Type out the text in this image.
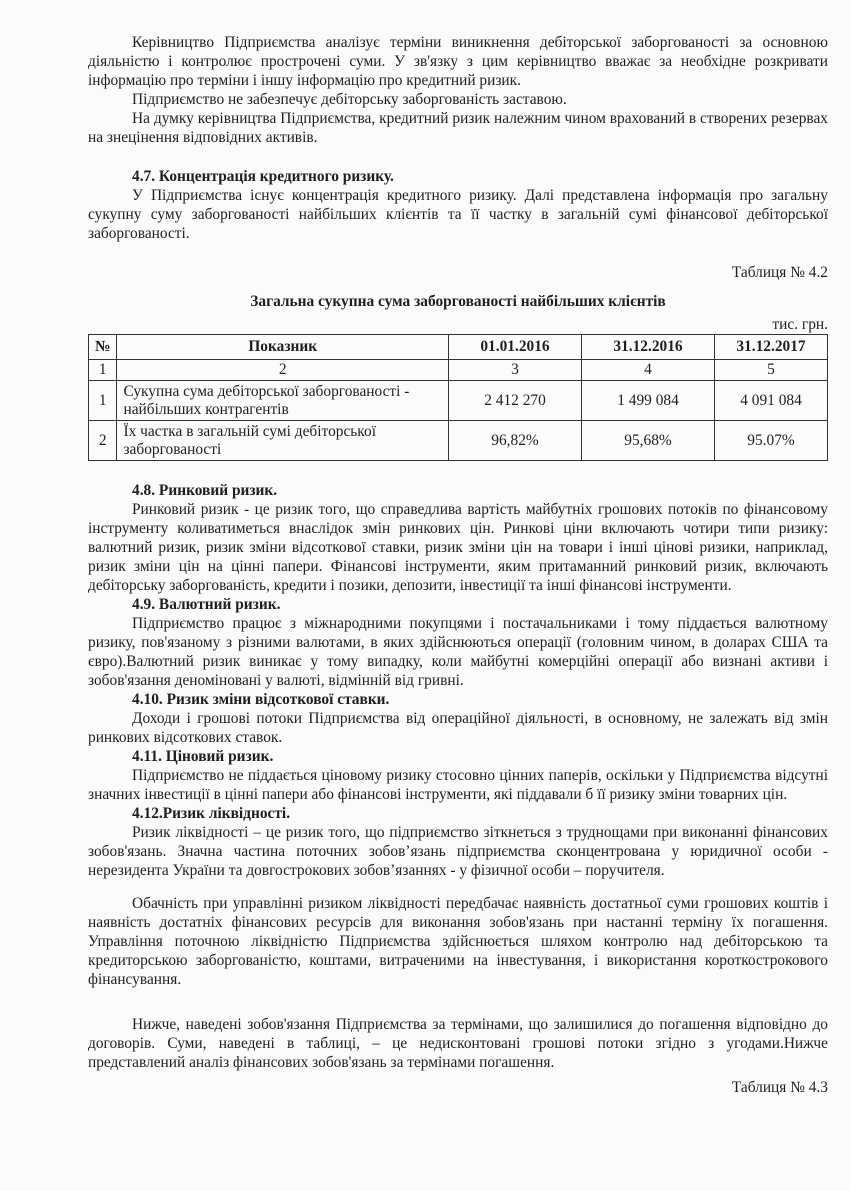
Керівництво Підприємства аналізує терміни виникнення дебіторської заборгованості за основною діяльністю і контролює прострочені суми. У зв'язку з цим керівництво вважає за необхідне розкривати інформацію про терміни і іншу інформацію про кредитний ризик.

Підприємство не забезпечує дебіторську заборгованість заставою.

На думку керівництва Підприємства, кредитний ризик належним чином врахований в створених резервах на знецінення відповідних активів.

4.7. Концентрація кредитного ризику.

У Підприємства існує концентрація кредитного ризику. Далі представлена інформація про загальну сукупну суму заборгованості найбільших клієнтів та її частку в загальній сумі фінансової дебіторської заборгованості.

Таблиця № 4.2

Загальна сукупна сума заборгованості найбільших клієнтів

тис. грн.

№	Показник	01.01.2016	31.12.2016	31.12.2017
1	2	3	4	5
1	Сукупна сума дебіторської заборгованості - найбільших контрагентів	2 412 270	1 499 084	4 091 084
2	Їх частка в загальній сумі дебіторської заборгованості	96,82%	95,68%	95.07%

4.8. Ринковий ризик.

Ринковий ризик - це ризик того, що справедлива вартість майбутніх грошових потоків по фінансовому інструменту коливатиметься внаслідок змін ринкових цін. Ринкові ціни включають чотири типи ризику: валютний ризик, ризик зміни відсоткової ставки, ризик зміни цін на товари і інші цінові ризики, наприклад, ризик зміни цін на цінні папери. Фінансові інструменти, яким притаманний ринковий ризик, включають дебіторську заборгованість, кредити і позики, депозити, інвестиції та інші фінансові інструменти.

4.9. Валютний ризик.

Підприємство працює з міжнародними покупцями і постачальниками і тому піддається валютному ризику, пов'язаному з різними валютами, в яких здійснюються операції (головним чином, в доларах США та євро).Валютний ризик виникає у тому випадку, коли майбутні комерційні операції або визнані активи і зобов'язання деноміновані у валюті, відмінній від гривні.

4.10. Ризик зміни відсоткової ставки.

Доходи і грошові потоки Підприємства від операційної діяльності, в основному, не залежать від змін ринкових відсоткових ставок.

4.11. Ціновий ризик.

Підприємство не піддається ціновому ризику стосовно цінних паперів, оскільки у Підприємства відсутні значних інвестиції в цінні папери або фінансові інструменти, які піддавали б її ризику зміни товарних цін.

4.12.Ризик ліквідності.

Ризик ліквідності – це ризик того, що підприємство зіткнеться з труднощами при виконанні фінансових зобов'язань. Значна частина поточних зобов’язань підприємства сконцентрована у юридичної особи - нерезидента України та довгострокових зобов’язаннях - у фізичної особи – поручителя.

Обачність при управлінні ризиком ліквідності передбачає наявність достатньої суми грошових коштів і наявність достатніх фінансових ресурсів для виконання зобов'язань при настанні терміну їх погашення. Управління поточною ліквідністю Підприємства здійснюється шляхом контролю над дебіторською та кредиторською заборгованістю, коштами, витраченими на інвестування, і використання короткострокового фінансування.

Нижче, наведені зобов'язання Підприємства за термінами, що залишилися до погашення відповідно до договорів. Суми, наведені в таблиці, – це недисконтовані грошові потоки згідно з угодами.Нижче представлений аналіз фінансових зобов'язань за термінами погашення.

Таблиця № 4.3
